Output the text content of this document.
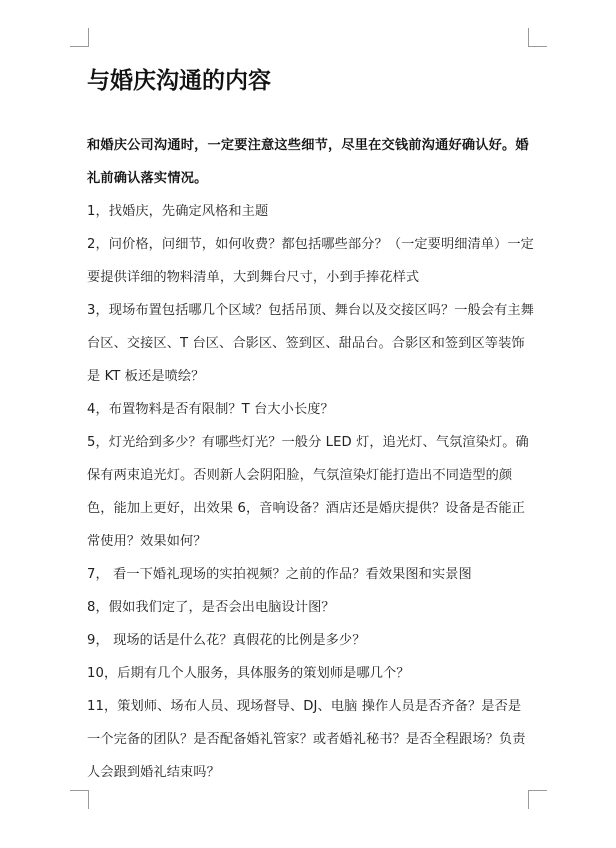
与婚庆沟通的内容

和婚庆公司沟通时，一定要注意这些细节，尽里在交钱前沟通好确认好。婚礼前确认落实情况。

1，找婚庆，先确定风格和主题

2，问价格，问细节，如何收费？都包括哪些部分？（一定要明细清单）一定要提供详细的物料清单，大到舞台尺寸，小到手捧花样式

3，现场布置包括哪几个区域？包括吊顶、舞台以及交接区吗？一般会有主舞台区、交接区、T 台区、合影区、签到区、甜品台。合影区和签到区等装饰是 KT 板还是喷绘？

4，布置物料是否有限制？T 台大小长度？

5，灯光给到多少？有哪些灯光？一般分 LED 灯，追光灯、气氛渲染灯。确保有两束追光灯。否则新人会阴阳脸，气氛渲染灯能打造出不同造型的颜色，能加上更好，出效果 6，音响设备？酒店还是婚庆提供？设备是否能正常使用？效果如何？

7， 看一下婚礼现场的实拍视频？之前的作品？看效果图和实景图

8，假如我们定了，是否会出电脑设计图？

9， 现场的话是什么花？真假花的比例是多少？

10，后期有几个人服务，具体服务的策划师是哪几个？

11，策划师、场布人员、现场督导、DJ、电脑 操作人员是否齐备？是否是一个完备的团队？是否配备婚礼管家？或者婚礼秘书？是否全程跟场？负责人会跟到婚礼结束吗？
